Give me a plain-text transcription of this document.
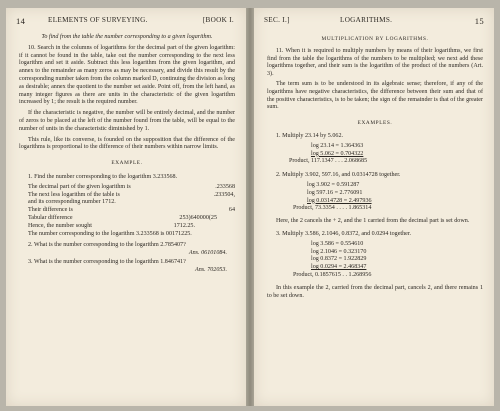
14	ELEMENTS OF SURVEYING.	[BOOK I.

To find from the table the number corresponding to a given logarithm.

10. Search in the columns of logarithms for the decimal part of the given logarithm: if it cannot be found in the table, take out the number corresponding to the next less logarithm and set it aside. Subtract this less logarithm from the given logarithm, and annex to the remainder as many zeros as may be necessary, and divide this result by the corresponding number taken from the column marked D, continuing the division as long as desirable; annex the quotient to the number set aside. Point off, from the left hand, as many integer figures as there are units in the characteristic of the given logarithm increased by 1; the result is the required number.

If the characteristic is negative, the number will be entirely decimal, and the number of zeros to be placed at the left of the number found from the table, will be equal to the number of units in the characteristic diminished by 1.

This rule, like its converse, is founded on the supposition that the difference of the logarithms is proportional to the difference of their numbers within narrow limits.

EXAMPLE.

1. Find the number corresponding to the logarithm 3.233568.

The decimal part of the given logarithm is	.233568
The next less logarithm of the table is	.233504,
and its corresponding number 1712.
Their difference is	64
Tabular difference	253)640000(25
Hence, the number sought	1712.25.

The number corresponding to the logarithm 3.233568 is 00171225.

2. What is the number corresponding to the logarithm 2.785407?

Ans. 06101084.

3. What is the number corresponding to the logarithm 1.846741?

Ans. 702053.

SEC. I.]	LOGARITHMS.	15

MULTIPLICATION BY LOGARITHMS.

11. When it is required to multiply numbers by means of their logarithms, we first find from the table the logarithms of the numbers to be multiplied; we next add these logarithms together, and their sum is the logarithm of the product of the numbers (Art. 3).

The term sum is to be understood in its algebraic sense; therefore, if any of the logarithms have negative characteristics, the difference between their sum and that of the positive characteristics, is to be taken; the sign of the remainder is that of the greater sum.

EXAMPLES.

1. Multiply 23.14 by 5.062.

log 23.14 = 1.364363
log 5.062 = 0.704322

Product, 117.1347 . . . 2.068685

2. Multiply 3.902, 597.16, and 0.0314728 together.

log 3.902 = 0.591287
log 597.16 = 2.776091
log 0.0314728 = 2.497936

Product, 73.3354 . . . . 1.865314

Here, the 2 cancels the + 2, and the 1 carried from the decimal part is set down.

3. Multiply 3.586, 2.1046, 0.8372, and 0.0294 together.

log 3.586 = 0.554610
log 2.1046 = 0.323170
log 0.8372 = 1.922829
log 0.0294 = 2.468347

Product, 0.1857615 . . 1.268956

In this example the 2, carried from the decimal part, cancels 2, and there remains 1 to be set down.
